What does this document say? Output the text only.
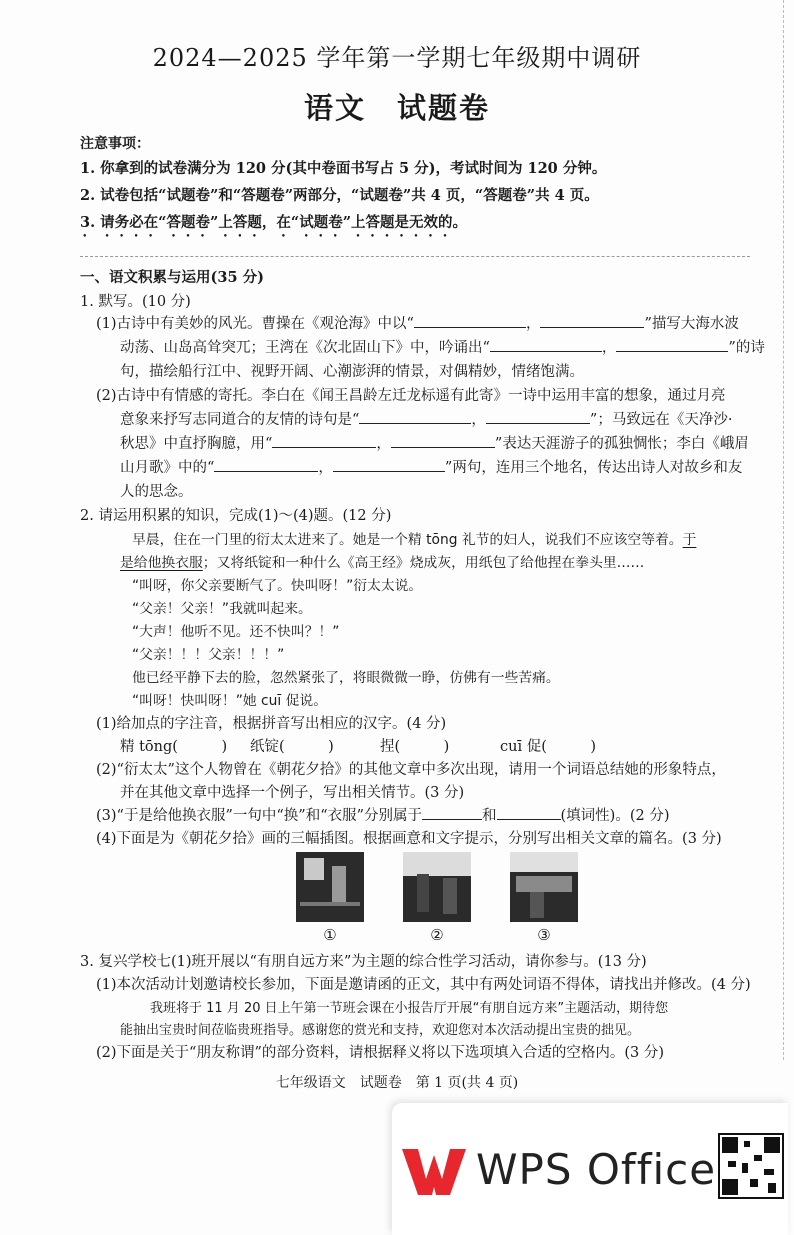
2024—2025 学年第一学期七年级期中调研
语文　试题卷
注意事项：
1. 你拿到的试卷满分为 120 分(其中卷面书写占 5 分)，考试时间为 120 分钟。
2. 试卷包括“试题卷”和“答题卷”两部分，“试题卷”共 4 页，“答题卷”共 4 页。
3. 请务必在“答题卷”上答题，在“试题卷”上答题是无效的。
一、语文积累与运用(35 分)
1. 默写。(10 分)
(1)古诗中有美妙的风光。曹操在《观沧海》中以“	，	”描写大海水波
动荡、山岛高耸突兀；王湾在《次北固山下》中，吟诵出“	，	”的诗
句，描绘船行江中、视野开阔、心潮澎湃的情景，对偶精妙，情绪饱满。
(2)古诗中有情感的寄托。李白在《闻王昌龄左迁龙标遥有此寄》一诗中运用丰富的想象，通过月亮
意象来抒写志同道合的友情的诗句是“	，	”；马致远在《天净沙·
秋思》中直抒胸臆，用“	，	”表达天涯游子的孤独惆怅；李白《峨眉
山月歌》中的“	，	”两句，连用三个地名，传达出诗人对故乡和友
人的思念。
2. 请运用积累的知识，完成(1)～(4)题。(12 分)
早晨，住在一门里的衍太太进来了。她是一个精 tōng 礼节的妇人，说我们不应该空等着。于
是给他换衣服；又将纸锭和一种什么《高王经》烧成灰，用纸包了给他捏在拳头里……
“叫呀，你父亲要断气了。快叫呀！”衍太太说。
“父亲！父亲！”我就叫起来。
“大声！他听不见。还不快叫？！”
“父亲！！！父亲！！！”
他已经平静下去的脸，忽然紧张了，将眼微微一睁，仿佛有一些苦痛。
“叫呀！快叫呀！”她 cuī 促说。
(1)给加点的字注音，根据拼音写出相应的汉字。(4 分)
精 tōng(　　　) 纸锭(　　　)	捏(　　　)	cuī 促(　　　)
(2)“衍太太”这个人物曾在《朝花夕拾》的其他文章中多次出现，请用一个词语总结她的形象特点，
并在其他文章中选择一个例子，写出相关情节。(3 分)
(3)“于是给他换衣服”一句中“换”和“衣服”分别属于	和	(填词性)。(2 分)
(4)下面是为《朝花夕拾》画的三幅插图。根据画意和文字提示，分别写出相关文章的篇名。(3 分)
①	②	③
3. 复兴学校七(1)班开展以“有朋自远方来”为主题的综合性学习活动，请你参与。(13 分)
(1)本次活动计划邀请校长参加，下面是邀请函的正文，其中有两处词语不得体，请找出并修改。(4 分)
我班将于 11 月 20 日上午第一节班会课在小报告厅开展“有朋自远方来”主题活动，期待您
能抽出宝贵时间莅临贵班指导。感谢您的赏光和支持，欢迎您对本次活动提出宝贵的拙见。
(2)下面是关于“朋友称谓”的部分资料，请根据释义将以下选项填入合适的空格内。(3 分)
七年级语文　试题卷　第 1 页(共 4 页)
WPS Office
